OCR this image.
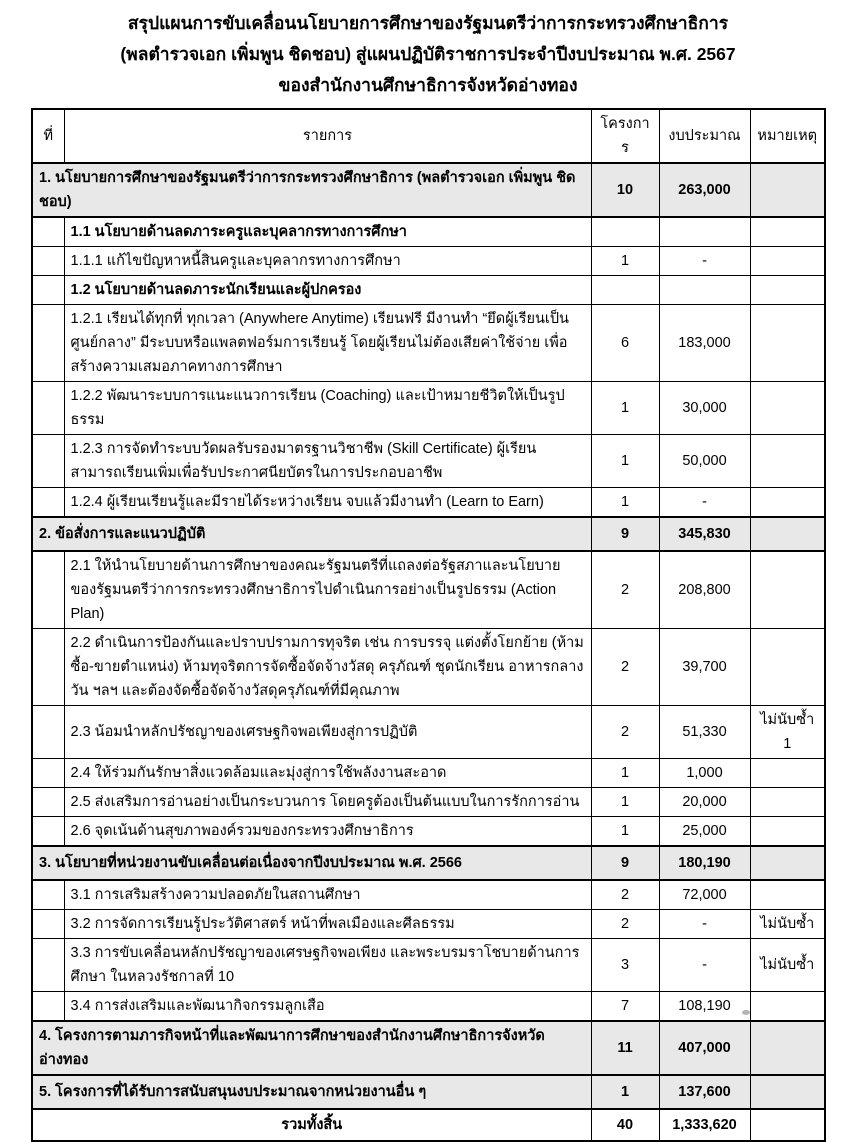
สรุปแผนการขับเคลื่อนนโยบายการศึกษาของรัฐมนตรีว่าการกระทรวงศึกษาธิการ
(พลตำรวจเอก เพิ่มพูน ชิดชอบ) สู่แผนปฏิบัติราชการประจำปีงบประมาณ พ.ศ. 2567
ของสำนักงานศึกษาธิการจังหวัดอ่างทอง
ที่	รายการ	โครงการ	งบประมาณ	หมายเหตุ
1. นโยบายการศึกษาของรัฐมนตรีว่าการกระทรวงศึกษาธิการ (พลตำรวจเอก เพิ่มพูน ชิดชอบ)		10	263,000	
	1.1 นโยบายด้านลดภาระครูและบุคลากรทางการศึกษา			
	1.1.1 แก้ไขปัญหาหนี้สินครูและบุคลากรทางการศึกษา	1	-	
	1.2 นโยบายด้านลดภาระนักเรียนและผู้ปกครอง			
	1.2.1 เรียนได้ทุกที่ ทุกเวลา (Anywhere Anytime) เรียนฟรี มีงานทำ “ยึดผู้เรียนเป็นศูนย์กลาง” มีระบบหรือแพลตฟอร์มการเรียนรู้ โดยผู้เรียนไม่ต้องเสียค่าใช้จ่าย เพื่อสร้างความเสมอภาคทางการศึกษา	6	183,000	
	1.2.2 พัฒนาระบบการแนะแนวการเรียน (Coaching) และเป้าหมายชีวิตให้เป็นรูปธรรม	1	30,000	
	1.2.3 การจัดทำระบบวัดผลรับรองมาตรฐานวิชาชีพ (Skill Certificate) ผู้เรียนสามารถเรียนเพิ่มเพื่อรับประกาศนียบัตรในการประกอบอาชีพ	1	50,000	
	1.2.4 ผู้เรียนเรียนรู้และมีรายได้ระหว่างเรียน จบแล้วมีงานทำ (Learn to Earn)	1	-	
2. ข้อสั่งการและแนวปฏิบัติ		9	345,830	
	2.1 ให้นำนโยบายด้านการศึกษาของคณะรัฐมนตรีที่แถลงต่อรัฐสภาและนโยบายของรัฐมนตรีว่าการกระทรวงศึกษาธิการไปดำเนินการอย่างเป็นรูปธรรม (Action Plan)	2	208,800	
	2.2 ดำเนินการป้องกันและปราบปรามการทุจริต เช่น การบรรจุ แต่งตั้งโยกย้าย (ห้ามซื้อ-ขายตำแหน่ง) ห้ามทุจริตการจัดซื้อจัดจ้างวัสดุ ครุภัณฑ์ ชุดนักเรียน อาหารกลางวัน ฯลฯ และต้องจัดซื้อจัดจ้างวัสดุครุภัณฑ์ที่มีคุณภาพ	2	39,700	
	2.3 น้อมนำหลักปรัชญาของเศรษฐกิจพอเพียงสู่การปฏิบัติ	2	51,330	ไม่นับซ้ำ 1
	2.4 ให้ร่วมกันรักษาสิ่งแวดล้อมและมุ่งสู่การใช้พลังงานสะอาด	1	1,000	
	2.5 ส่งเสริมการอ่านอย่างเป็นกระบวนการ โดยครูต้องเป็นต้นแบบในการรักการอ่าน	1	20,000	
	2.6 จุดเน้นด้านสุขภาพองค์รวมของกระทรวงศึกษาธิการ	1	25,000	
3. นโยบายที่หน่วยงานขับเคลื่อนต่อเนื่องจากปีงบประมาณ พ.ศ. 2566		9	180,190	
	3.1 การเสริมสร้างความปลอดภัยในสถานศึกษา	2	72,000	
	3.2 การจัดการเรียนรู้ประวัติศาสตร์ หน้าที่พลเมืองและศีลธรรม	2	-	ไม่นับซ้ำ
	3.3 การขับเคลื่อนหลักปรัชญาของเศรษฐกิจพอเพียง และพระบรมราโชบายด้านการศึกษา ในหลวงรัชกาลที่ 10	3	-	ไม่นับซ้ำ
	3.4 การส่งเสริมและพัฒนากิจกรรมลูกเสือ	7	108,190	
4. โครงการตามภารกิจหน้าที่และพัฒนาการศึกษาของสำนักงานศึกษาธิการจังหวัดอ่างทอง		11	407,000	
5. โครงการที่ได้รับการสนับสนุนงบประมาณจากหน่วยงานอื่น ๆ		1	137,600	
รวมทั้งสิ้น		40	1,333,620	
